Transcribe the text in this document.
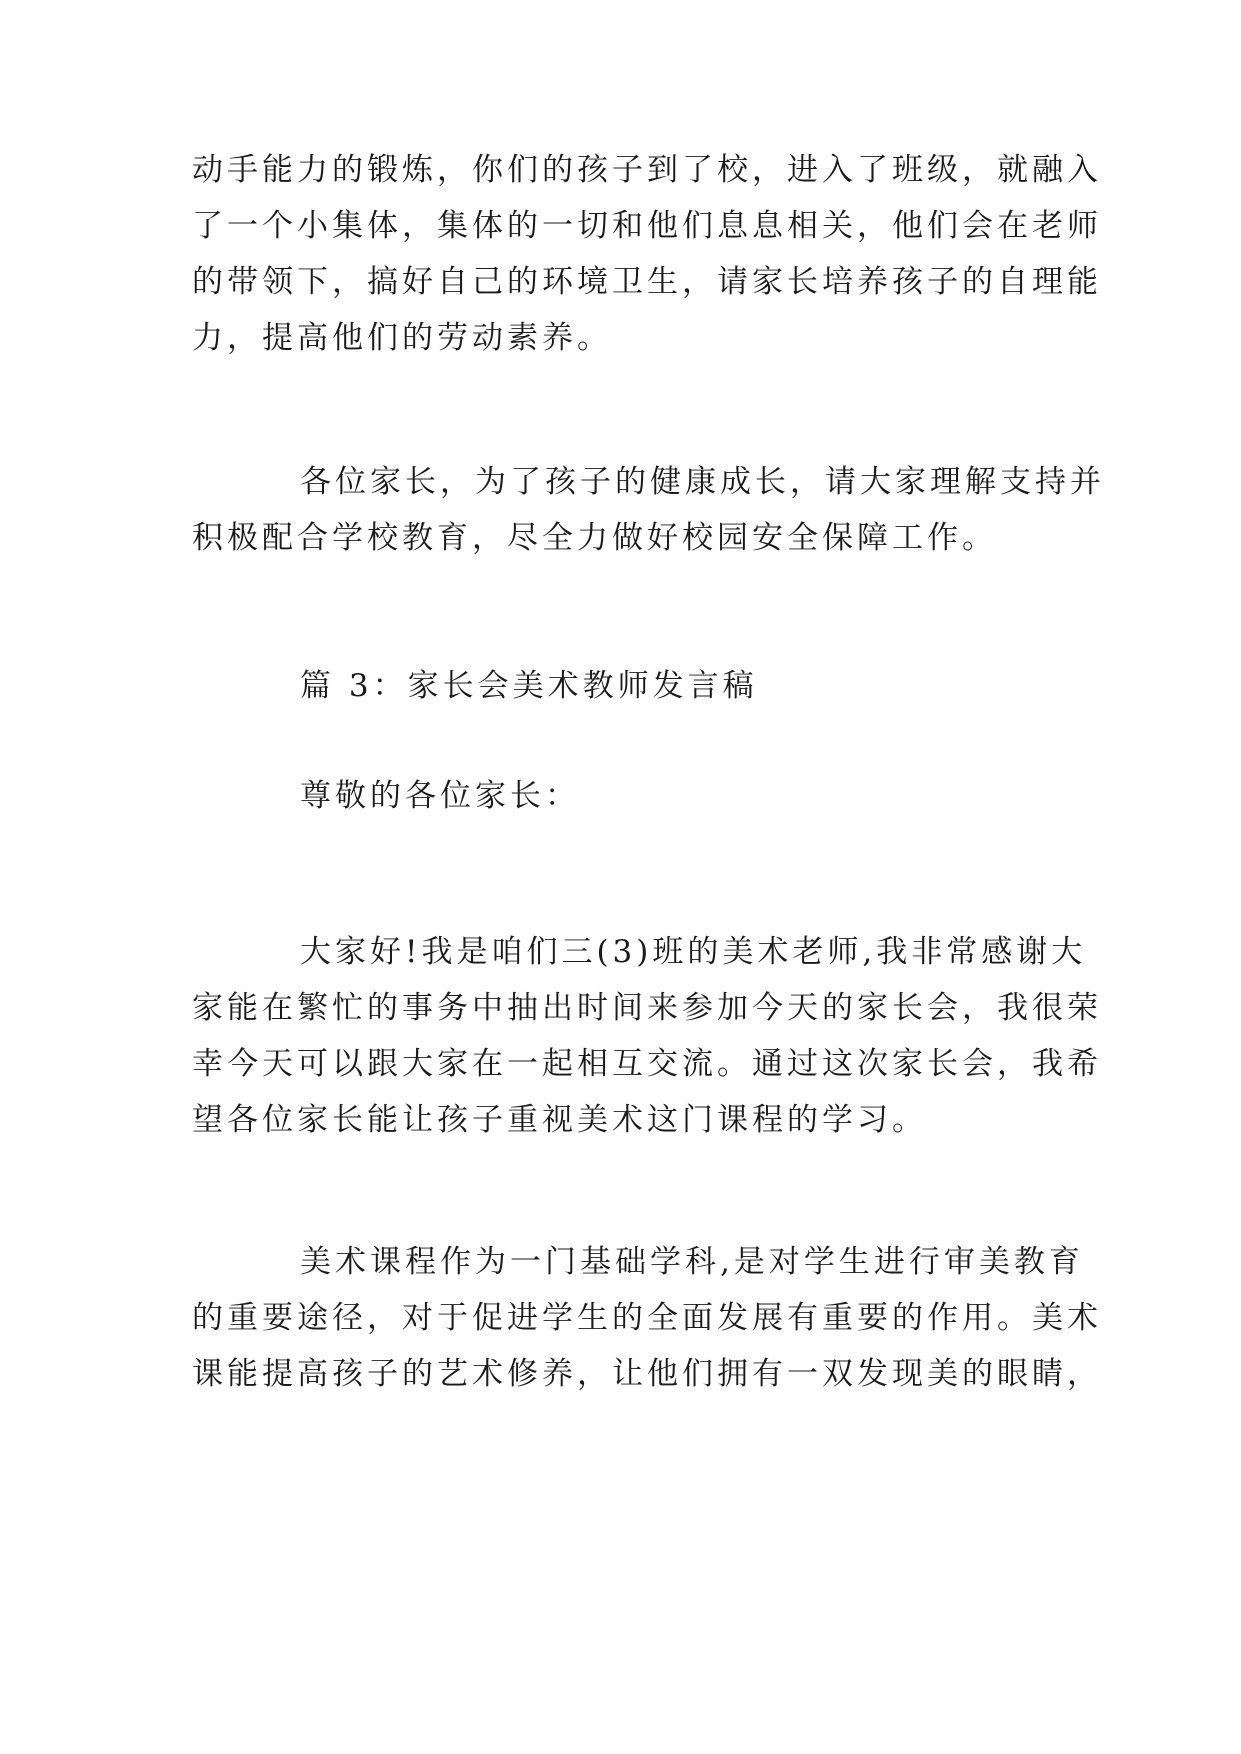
动手能力的锻炼，你们的孩子到了校，进入了班级，就融入
了一个小集体，集体的一切和他们息息相关，他们会在老师
的带领下，搞好自己的环境卫生，请家长培养孩子的自理能
力，提高他们的劳动素养。
各位家长，为了孩子的健康成长，请大家理解支持并
积极配合学校教育，尽全力做好校园安全保障工作。
篇 3：家长会美术教师发言稿
尊敬的各位家长：
大家好!我是咱们三(3)班的美术老师,我非常感谢大
家能在繁忙的事务中抽出时间来参加今天的家长会，我很荣
幸今天可以跟大家在一起相互交流。通过这次家长会，我希
望各位家长能让孩子重视美术这门课程的学习。
美术课程作为一门基础学科,是对学生进行审美教育
的重要途径，对于促进学生的全面发展有重要的作用。美术
课能提高孩子的艺术修养，让他们拥有一双发现美的眼睛，
